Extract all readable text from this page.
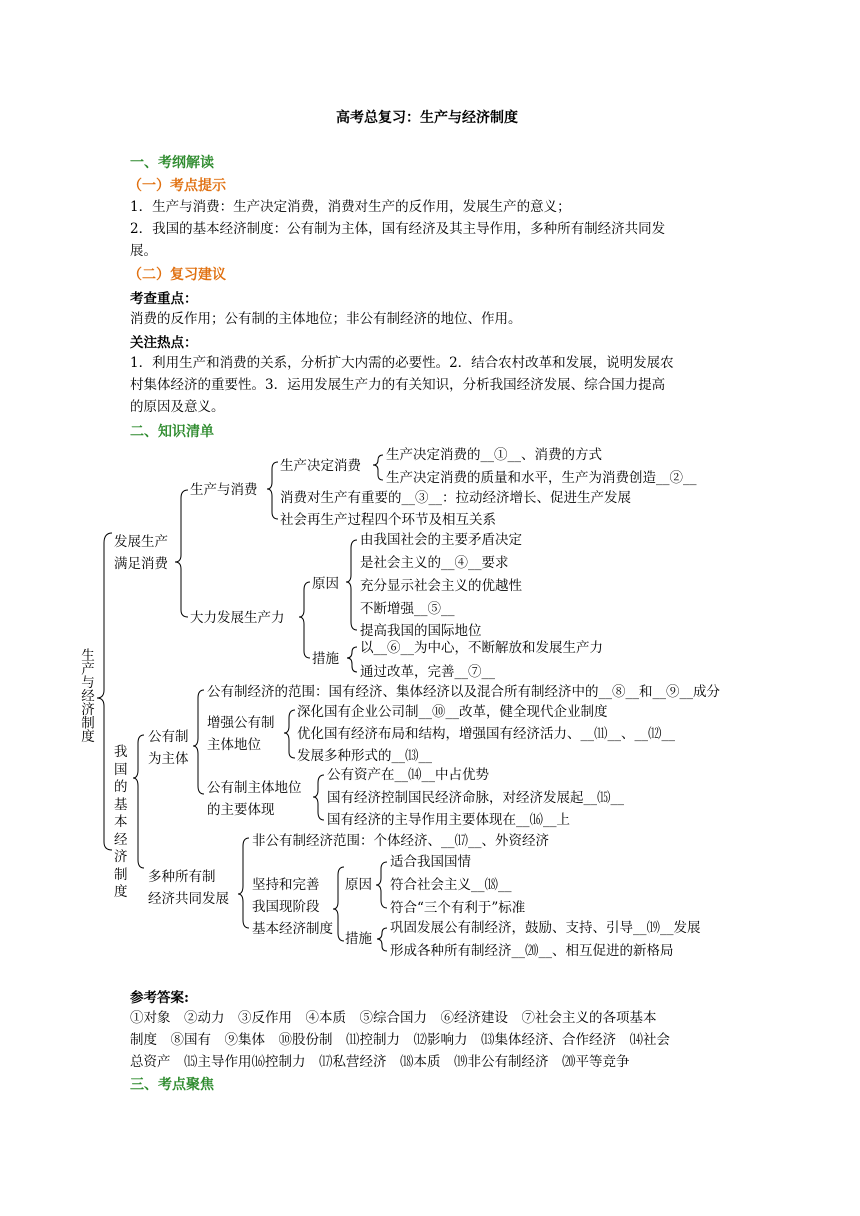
高考总复习：生产与经济制度
一、考纲解读
（一）考点提示
1．生产与消费：生产决定消费，消费对生产的反作用，发展生产的意义；
2．我国的基本经济制度：公有制为主体，国有经济及其主导作用，多种所有制经济共同发
展。
（二）复习建议
考查重点：
消费的反作用；公有制的主体地位；非公有制经济的地位、作用。
关注热点：
1．利用生产和消费的关系，分析扩大内需的必要性。2．结合农村改革和发展，说明发展农
村集体经济的重要性。3．运用发展生产力的有关知识，分析我国经济发展、综合国力提高
的原因及意义。
二、知识清单
生产与经济制度
发展生产满足消费
生产与消费
生产决定消费
生产决定消费的__①__、消费的方式
生产决定消费的质量和水平，生产为消费创造__②__
消费对生产有重要的__③__：拉动经济增长、促进生产发展
社会再生产过程四个环节及相互关系
大力发展生产力
原因
由我国社会的主要矛盾决定
是社会主义的__④__要求
充分显示社会主义的优越性
不断增强__⑤__
提高我国的国际地位
措施
以__⑥__为中心，不断解放和发展生产力
通过改革，完善__⑦__
我国的基本经济制度
公有制
为主体
公有制经济的范围：国有经济、集体经济以及混合所有制经济中的__⑧__和__⑨__成分
增强公有制
主体地位
深化国有企业公司制__⑩__改革，健全现代企业制度
优化国有经济布局和结构，增强国有经济活力、__⑾__、__⑿__
发展多种形式的__⒀__
公有制主体地位
的主要体现
公有资产在__⒁__中占优势
国有经济控制国民经济命脉，对经济发展起__⒂__
国有经济的主导作用主要体现在__⒃__上
多种所有制
经济共同发展
非公有制经济范围：个体经济、__⒄__、外资经济
坚持和完善
我国现阶段
基本经济制度
原因
适合我国国情
符合社会主义__⒅__
符合“三个有利于”标准
措施
巩固发展公有制经济，鼓励、支持、引导__⒆__发展
形成各种所有制经济__⒇__、相互促进的新格局
参考答案:
①对象　②动力　③反作用　④本质　⑤综合国力　⑥经济建设　⑦社会主义的各项基本
制度　⑧国有　⑨集体　⑩股份制　⑾控制力　⑿影响力　⒀集体经济、合作经济　⒁社会
总资产　⒂主导作用⒃控制力　⒄私营经济　⒅本质　⒆非公有制经济　⒇平等竞争
三、考点聚焦
